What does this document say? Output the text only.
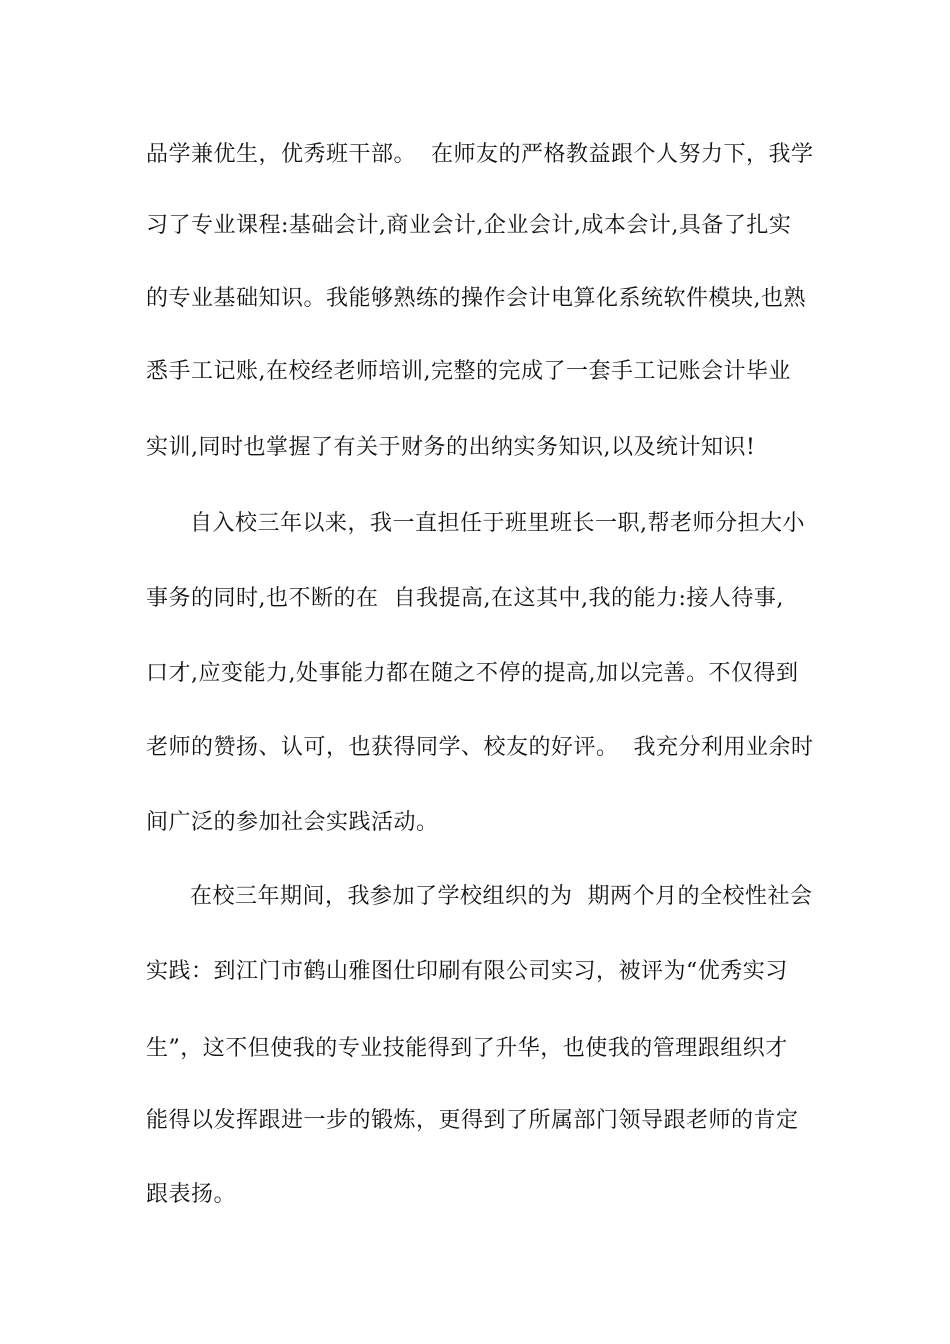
品学兼优生，优秀班干部。  在师友的严格教益跟个人努力下，我学
习了专业课程:基础会计,商业会计,企业会计,成本会计,具备了扎实
的专业基础知识。我能够熟练的操作会计电算化系统软件模块,也熟
悉手工记账,在校经老师培训,完整的完成了一套手工记账会计毕业
实训,同时也掌握了有关于财务的出纳实务知识,以及统计知识!
自入校三年以来，我一直担任于班里班长一职,帮老师分担大小
事务的同时,也不断的在  自我提高,在这其中,我的能力:接人待事,
口才,应变能力,处事能力都在随之不停的提高,加以完善。不仅得到
老师的赞扬、认可，也获得同学、校友的好评。  我充分利用业余时
间广泛的参加社会实践活动。
在校三年期间，我参加了学校组织的为  期两个月的全校性社会
实践：到江门市鹤山雅图仕印刷有限公司实习，被评为“优秀实习
生”，这不但使我的专业技能得到了升华，也使我的管理跟组织才
能得以发挥跟进一步的锻炼，更得到了所属部门领导跟老师的肯定
跟表扬。
